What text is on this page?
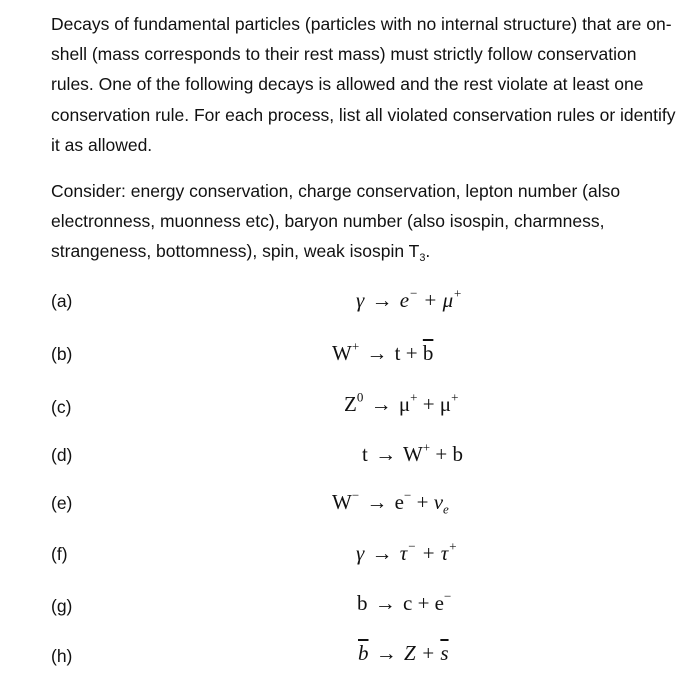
Decays of fundamental particles (particles with no internal structure) that are on-shell (mass corresponds to their rest mass) must strictly follow conservation rules. One of the following decays is allowed and the rest violate at least one conservation rule. For each process, list all violated conservation rules or identify it as allowed.

Consider: energy conservation, charge conservation, lepton number (also electronness, muonness etc), baryon number (also isospin, charmness, strangeness, bottomness), spin, weak isospin $T_3$.

(a)	γ → e− + μ+
(b)	$W^+ \to t + \overline{b}$
(c)	$Z^0 \to \mu^+ + \mu^+$
(d)	t → W+ + b
(e)	$W^- \to e^- + \nu_e$
(f)	γ → τ− + τ+
(g)	b → c + e−
(h)	$\overline{b} \to Z + \overline{s}$
